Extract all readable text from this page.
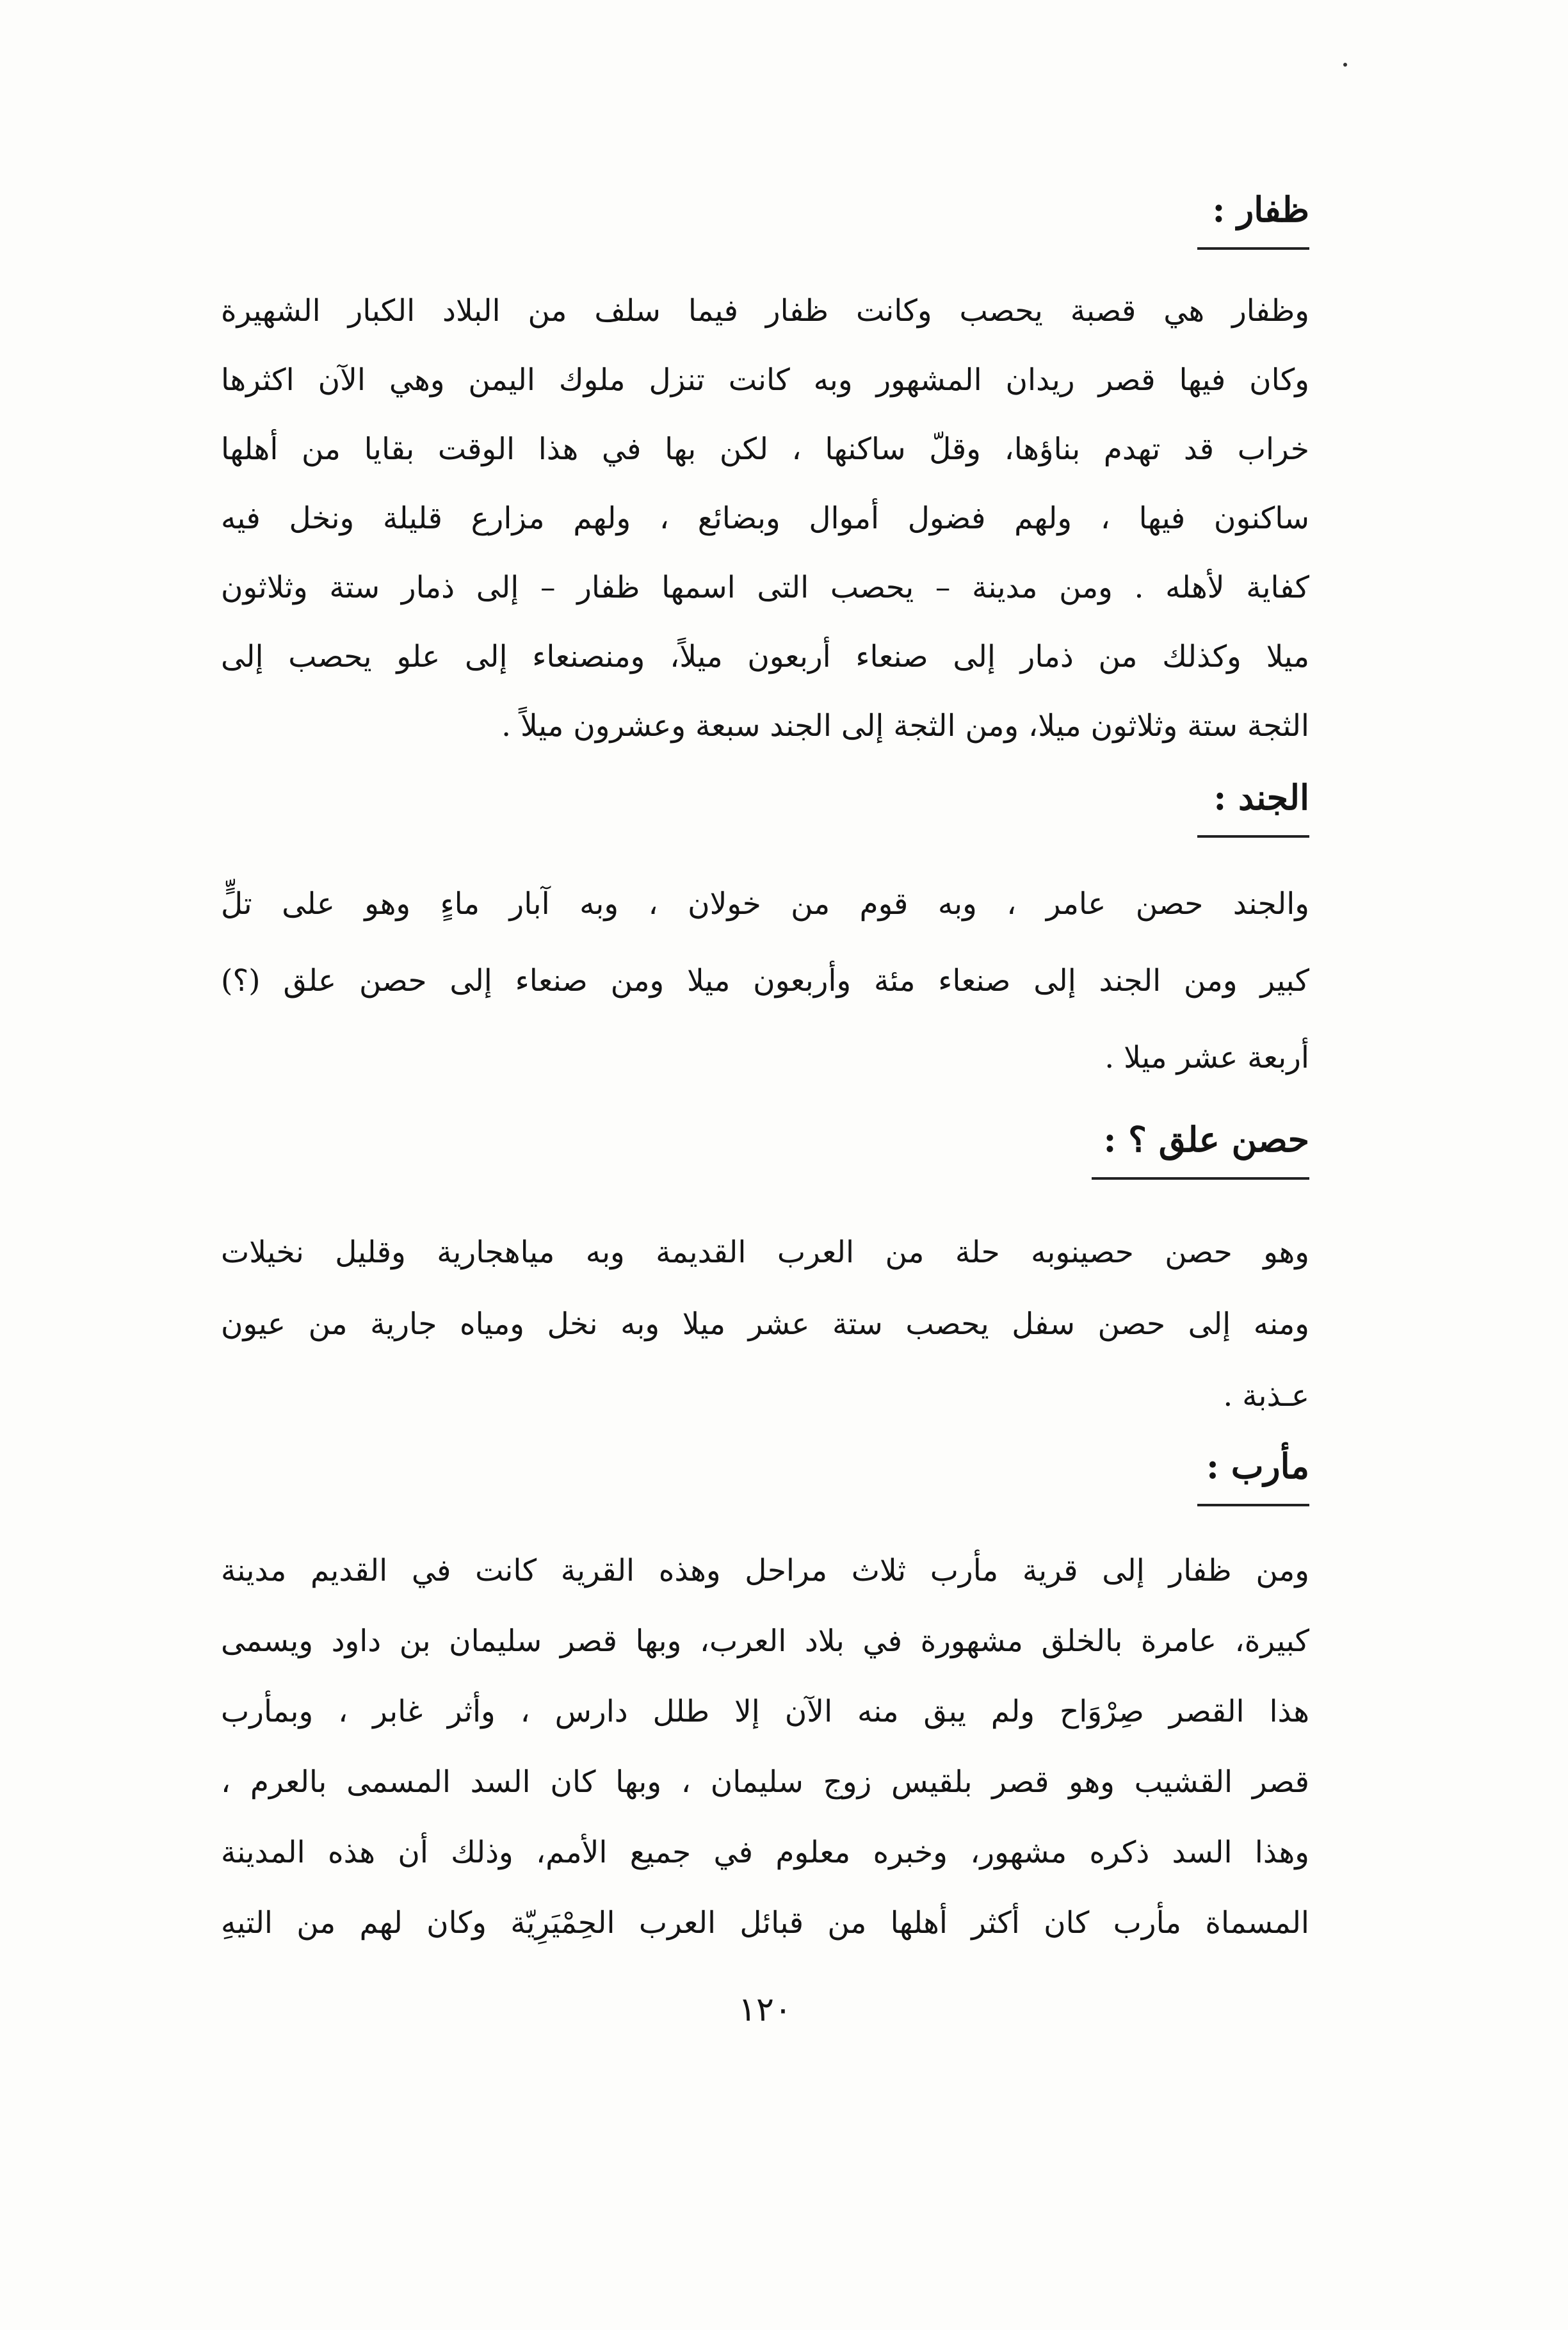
ظفار :
وظفار هي قصبة يحصب وكانت ظفار فيما سلف من البلاد الكبار الشهيرة
وكان فيها قصر ريدان المشهور وبه كانت تنزل ملوك اليمن وهي الآن اكثرها
خراب قد تهدم بناؤها، وقلّ ساكنها ، لكن بها في هذا الوقت بقايا من أهلها
ساكنون فيها ، ولهم فضول أموال وبضائع ، ولهم مزارع قليلة ونخل فيه
كفاية لأهله . ومن مدينة – يحصب التى اسمها ظفار – إلى ذمار ستة وثلاثون
ميلا وكذلك من ذمار إلى صنعاء أربعون ميلاً، ومنصنعاء إلى علو يحصب إلى
الثجة ستة وثلاثون ميلا، ومن الثجة إلى الجند سبعة وعشرون ميلاً .
الجند :
والجند حصن عامر ، وبه قوم من خولان ، وبه آبار ماءٍ وهو على تلٍّ
كبير ومن الجند إلى صنعاء مئة وأربعون ميلا ومن صنعاء إلى حصن علق (؟)
أربعة عشر ميلا .
حصن علق ؟ :
وهو حصن حصينوبه حلة من العرب القديمة وبه مياهجارية وقليل نخيلات
ومنه إلى حصن سفل يحصب ستة عشر ميلا وبه نخل ومياه جارية من عيون
عـذبة .
مأرب :
ومن ظفار إلى قرية مأرب ثلاث مراحل وهذه القرية كانت في القديم مدينة
كبيرة، عامرة بالخلق مشهورة في بلاد العرب، وبها قصر سليمان بن داود ويسمى
هذا القصر صِرْوَاح ولم يبق منه الآن إلا طلل دارس ، وأثر غابر ، وبمأرب
قصر القشيب وهو قصر بلقيس زوج سليمان ، وبها كان السد المسمى بالعرم ،
وهذا السد ذكره مشهور، وخبره معلوم في جميع الأمم، وذلك أن هذه المدينة
المسماة مأرب كان أكثر أهلها من قبائل العرب الحِمْيَرِيّة وكان لهم من التيهِ
١٢٠
